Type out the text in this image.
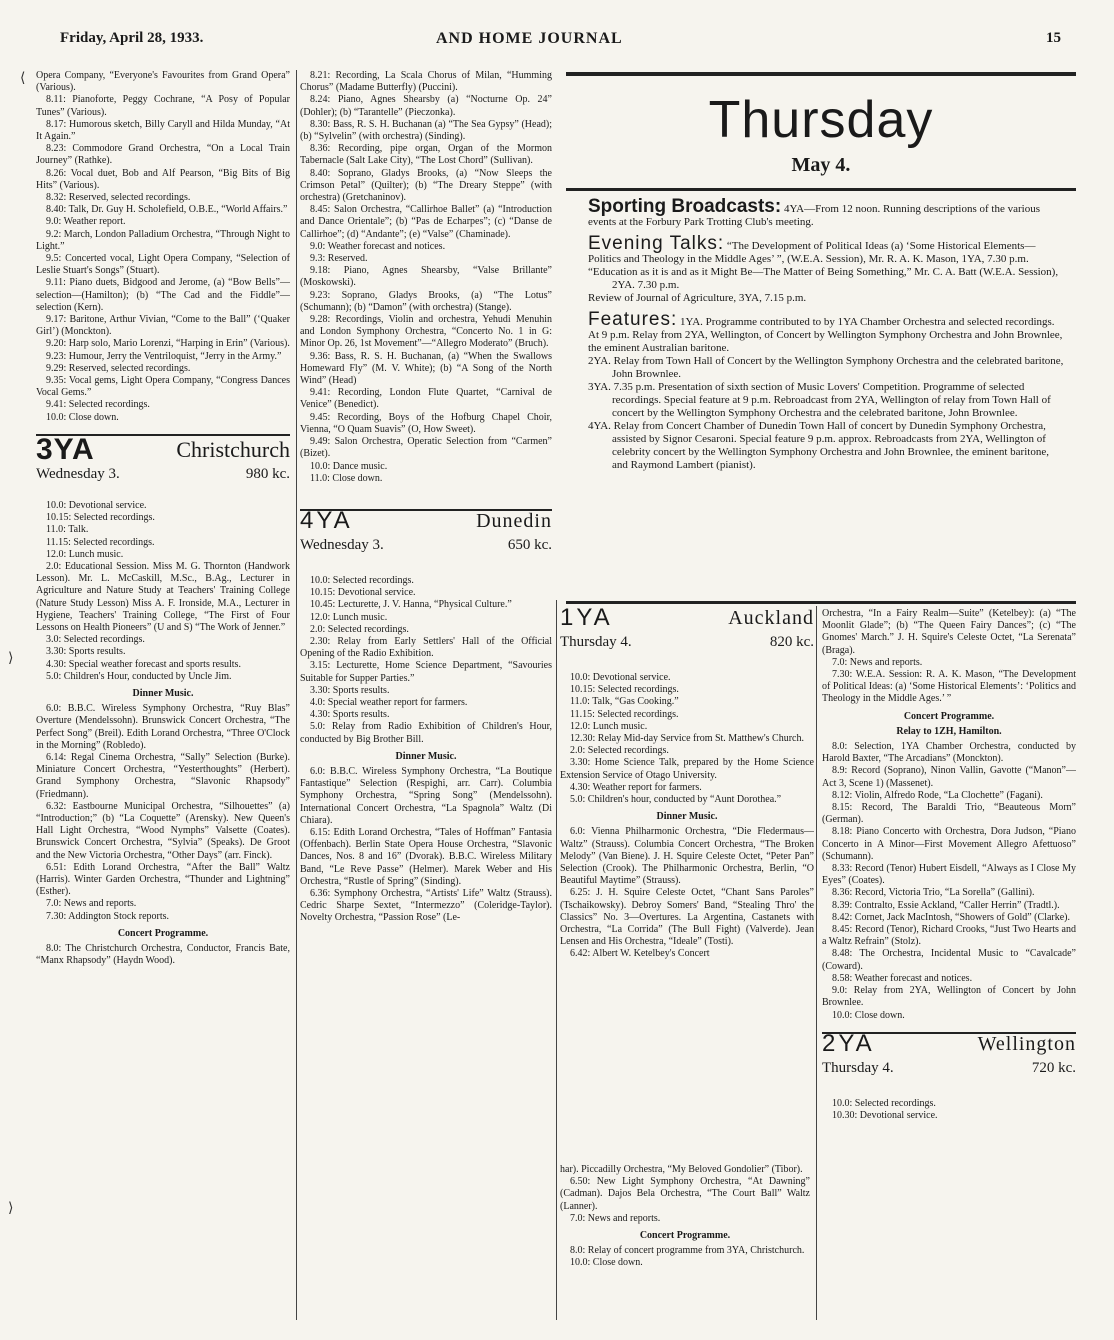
Friday, April 28, 1933.	AND HOME JOURNAL	15
⟨
⟩
⟩

Opera Company, “Everyone's Favourites from Grand Opera” (Various).

8.11: Pianoforte, Peggy Cochrane, “A Posy of Popular Tunes” (Various).

8.17: Humorous sketch, Billy Caryll and Hilda Munday, “At It Again.”

8.23: Commodore Grand Orchestra, “On a Local Train Journey” (Rathke).

8.26: Vocal duet, Bob and Alf Pearson, “Big Bits of Big Hits” (Various).

8.32: Reserved, selected recordings.

8.40: Talk, Dr. Guy H. Scholefield, O.B.E., “World Affairs.”

9.0: Weather report.

9.2: March, London Palladium Orchestra, “Through Night to Light.”

9.5: Concerted vocal, Light Opera Company, “Selection of Leslie Stuart's Songs” (Stuart).

9.11: Piano duets, Bidgood and Jerome, (a) “Bow Bells”—selection—(Hamilton); (b) “The Cad and the Fiddle”—selection (Kern).

9.17: Baritone, Arthur Vivian, “Come to the Ball” (‘Quaker Girl’) (Monckton).

9.20: Harp solo, Mario Lorenzi, “Harping in Erin” (Various).

9.23: Humour, Jerry the Ventriloquist, “Jerry in the Army.”

9.29: Reserved, selected recordings.

9.35: Vocal gems, Light Opera Company, “Congress Dances Vocal Gems.”

9.41: Selected recordings.

10.0: Close down.

3YA	Christchurch
Wednesday 3.	980 kc.

10.0: Devotional service.

10.15: Selected recordings.

11.0: Talk.

11.15: Selected recordings.

12.0: Lunch music.

2.0: Educational Session. Miss M. G. Thornton (Handwork Lesson). Mr. L. McCaskill, M.Sc., B.Ag., Lecturer in Agriculture and Nature Study at Teachers' Training College (Nature Study Lesson) Miss A. F. Ironside, M.A., Lecturer in Hygiene, Teachers' Training College, “The First of Four Lessons on Health Pioneers” (U and S) “The Work of Jenner.”

3.0: Selected recordings.

3.30: Sports results.

4.30: Special weather forecast and sports results.

5.0: Children's Hour, conducted by Uncle Jim.

Dinner Music.

6.0: B.B.C. Wireless Symphony Orchestra, “Ruy Blas” Overture (Mendelssohn). Brunswick Concert Orchestra, “The Perfect Song” (Breil). Edith Lorand Orchestra, “Three O'Clock in the Morning” (Robledo).

6.14: Regal Cinema Orchestra, “Sally” Selection (Burke). Miniature Concert Orchestra, “Yesterthoughts” (Herbert). Grand Symphony Orchestra, “Slavonic Rhapsody” (Friedmann).

6.32: Eastbourne Municipal Orchestra, “Silhouettes” (a) “Introduction;” (b) “La Coquette” (Arensky). New Queen's Hall Light Orchestra, “Wood Nymphs” Valsette (Coates). Brunswick Concert Orchestra, “Sylvia” (Speaks). De Groot and the New Victoria Orchestra, “Other Days” (arr. Finck).

6.51: Edith Lorand Orchestra, “After the Ball” Waltz (Harris). Winter Garden Orchestra, “Thunder and Lightning” (Esther).

7.0: News and reports.

7.30: Addington Stock reports.

Concert Programme.

8.0: The Christchurch Orchestra, Conductor, Francis Bate, “Manx Rhapsody” (Haydn Wood).

8.21: Recording, La Scala Chorus of Milan, “Humming Chorus” (Madame Butterfly) (Puccini).

8.24: Piano, Agnes Shearsby (a) “Nocturne Op. 24” (Dohler); (b) “Tarantelle” (Pieczonka).

8.30: Bass, R. S. H. Buchanan (a) “The Sea Gypsy” (Head); (b) “Sylvelin” (with orchestra) (Sinding).

8.36: Recording, pipe organ, Organ of the Mormon Tabernacle (Salt Lake City), “The Lost Chord” (Sullivan).

8.40: Soprano, Gladys Brooks, (a) “Now Sleeps the Crimson Petal” (Quilter); (b) “The Dreary Steppe” (with orchestra) (Gretchaninov).

8.45: Salon Orchestra, “Callirhoe Ballet” (a) “Introduction and Dance Orientale”; (b) “Pas de Echarpes”; (c) “Danse de Callirhoe”; (d) “Andante”; (e) “Valse” (Chaminade).

9.0: Weather forecast and notices.

9.3: Reserved.

9.18: Piano, Agnes Shearsby, “Valse Brillante” (Moskowski).

9.23: Soprano, Gladys Brooks, (a) “The Lotus” (Schumann); (b) “Damon” (with orchestra) (Stange).

9.28: Recordings, Violin and orchestra, Yehudi Menuhin and London Symphony Orchestra, “Concerto No. 1 in G: Minor Op. 26, 1st Movement”—“Allegro Moderato” (Bruch).

9.36: Bass, R. S. H. Buchanan, (a) “When the Swallows Homeward Fly” (M. V. White); (b) “A Song of the North Wind” (Head)

9.41: Recording, London Flute Quartet, “Carnival de Venice” (Benedict).

9.45: Recording, Boys of the Hofburg Chapel Choir, Vienna, “O Quam Suavis” (O, How Sweet).

9.49: Salon Orchestra, Operatic Selection from “Carmen” (Bizet).

10.0: Dance music.

11.0: Close down.

4YA	Dunedin
Wednesday 3.	650 kc.

10.0: Selected recordings.

10.15: Devotional service.

10.45: Lecturette, J. V. Hanna, “Physical Culture.”

12.0: Lunch music.

2.0: Selected recordings.

2.30: Relay from Early Settlers' Hall of the Official Opening of the Radio Exhibition.

3.15: Lecturette, Home Science Department, “Savouries Suitable for Supper Parties.”

3.30: Sports results.

4.0: Special weather report for farmers.

4.30: Sports results.

5.0: Relay from Radio Exhibition of Children's Hour, conducted by Big Brother Bill.

Dinner Music.

6.0: B.B.C. Wireless Symphony Orchestra, “La Boutique Fantastique” Selection (Respighi, arr. Carr). Columbia Symphony Orchestra, “Spring Song” (Mendelssohn). International Concert Orchestra, “La Spagnola” Waltz (Di Chiara).

6.15: Edith Lorand Orchestra, “Tales of Hoffman” Fantasia (Offenbach). Berlin State Opera House Orchestra, “Slavonic Dances, Nos. 8 and 16” (Dvorak). B.B.C. Wireless Military Band, “Le Reve Passe” (Helmer). Marek Weber and His Orchestra, “Rustle of Spring” (Sinding).

6.36: Symphony Orchestra, “Artists' Life” Waltz (Strauss). Cedric Sharpe Sextet, “Intermezzo” (Coleridge-Taylor). Novelty Orchestra, “Passion Rose” (Le-

Thursday
May 4.
Sporting Broadcasts: 4YA—From 12 noon. Running descriptions of the various events at the Forbury Park Trotting Club's meeting.
Evening Talks: “The Development of Political Ideas (a) ‘Some Historical Elements—Politics and Theology in the Middle Ages’ ”, (W.E.A. Session), Mr. R. A. K. Mason, 1YA, 7.30 p.m.

“Education as it is and as it Might Be—The Matter of Being Something,” Mr. C. A. Batt (W.E.A. Session), 2YA. 7.30 p.m.

Review of Journal of Agriculture, 3YA, 7.15 p.m.

Features: 1YA. Programme contributed to by 1YA Chamber Orchestra and selected recordings. At 9 p.m. Relay from 2YA, Wellington, of Concert by Wellington Symphony Orchestra and John Brownlee, the eminent Australian baritone.

2YA. Relay from Town Hall of Concert by the Wellington Symphony Orchestra and the celebrated baritone, John Brownlee.

3YA. 7.35 p.m. Presentation of sixth section of Music Lovers' Competition. Programme of selected recordings. Special feature at 9 p.m. Rebroadcast from 2YA, Wellington of relay from Town Hall of concert by the Wellington Symphony Orchestra and the celebrated baritone, John Brownlee.

4YA. Relay from Concert Chamber of Dunedin Town Hall of concert by Dunedin Symphony Orchestra, assisted by Signor Cesaroni. Special feature 9 p.m. approx. Rebroadcasts from 2YA, Wellington of celebrity concert by the Wellington Symphony Orchestra and John Brownlee, the eminent baritone, and Raymond Lambert (pianist).

1YA	Auckland
Thursday 4.	820 kc.

10.0: Devotional service.

10.15: Selected recordings.

11.0: Talk, “Gas Cooking.”

11.15: Selected recordings.

12.0: Lunch music.

12.30: Relay Mid-day Service from St. Matthew's Church.

2.0: Selected recordings.

3.30: Home Science Talk, prepared by the Home Science Extension Service of Otago University.

4.30: Weather report for farmers.

5.0: Children's hour, conducted by “Aunt Dorothea.”

Dinner Music.

6.0: Vienna Philharmonic Orchestra, “Die Fledermaus—Waltz” (Strauss). Columbia Concert Orchestra, “The Broken Melody” (Van Biene). J. H. Squire Celeste Octet, “Peter Pan” Selection (Crook). The Philharmonic Orchestra, Berlin, “O Beautiful Maytime” (Strauss).

6.25: J. H. Squire Celeste Octet, “Chant Sans Paroles” (Tschaikowsky). Debroy Somers' Band, “Stealing Thro' the Classics” No. 3—Overtures. La Argentina, Castanets with Orchestra, “La Corrida” (The Bull Fight) (Valverde). Jean Lensen and His Orchestra, “Ideale” (Tosti).

6.42: Albert W. Ketelbey's Concert

har). Piccadilly Orchestra, “My Beloved Gondolier” (Tibor).

6.50: New Light Symphony Orchestra, “At Dawning” (Cadman). Dajos Bela Orchestra, “The Court Ball” Waltz (Lanner).

7.0: News and reports.

Concert Programme.

8.0: Relay of concert programme from 3YA, Christchurch.

10.0: Close down.

Orchestra, “In a Fairy Realm—Suite” (Ketelbey): (a) “The Moonlit Glade”; (b) “The Queen Fairy Dances”; (c) “The Gnomes' March.” J. H. Squire's Celeste Octet, “La Serenata” (Braga).

7.0: News and reports.

7.30: W.E.A. Session: R. A. K. Mason, “The Development of Political Ideas: (a) ‘Some Historical Elements’: ‘Politics and Theology in the Middle Ages.’ ”

Concert Programme.

Relay to 1ZH, Hamilton.

8.0: Selection, 1YA Chamber Orchestra, conducted by Harold Baxter, “The Arcadians” (Monckton).

8.9: Record (Soprano), Ninon Vallin, Gavotte (“Manon”—Act 3, Scene 1) (Massenet).

8.12: Violin, Alfredo Rode, “La Clochette” (Fagani).

8.15: Record, The Baraldi Trio, “Beauteous Morn” (German).

8.18: Piano Concerto with Orchestra, Dora Judson, “Piano Concerto in A Minor—First Movement Allegro Afettuoso” (Schumann).

8.33: Record (Tenor) Hubert Eisdell, “Always as I Close My Eyes” (Coates).

8.36: Record, Victoria Trio, “La Sorella” (Gallini).

8.39: Contralto, Essie Ackland, “Caller Herrin” (Tradtl.).

8.42: Cornet, Jack MacIntosh, “Showers of Gold” (Clarke).

8.45: Record (Tenor), Richard Crooks, “Just Two Hearts and a Waltz Refrain” (Stolz).

8.48: The Orchestra, Incidental Music to “Cavalcade” (Coward).

8.58: Weather forecast and notices.

9.0: Relay from 2YA, Wellington of Concert by John Brownlee.

10.0: Close down.

2YA	Wellington
Thursday 4.	720 kc.

10.0: Selected recordings.

10.30: Devotional service.
